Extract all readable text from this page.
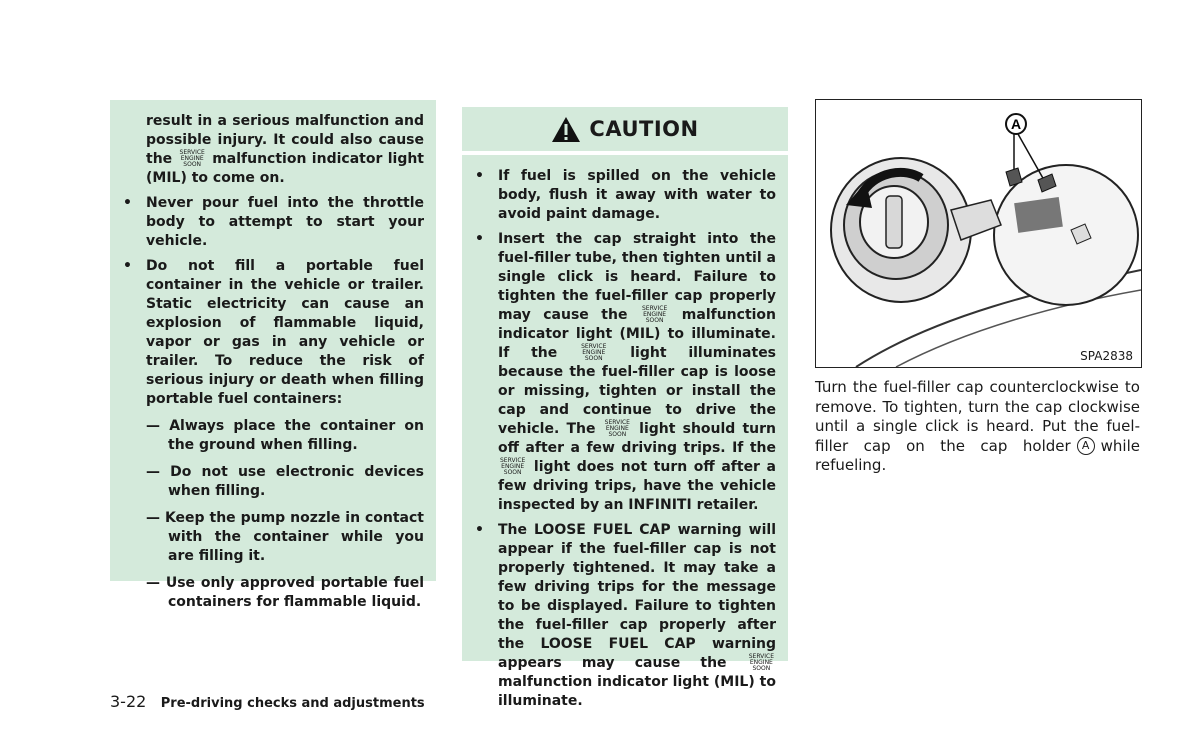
result in a serious malfunction and possible injury. It could also cause the SERVICE
ENGINE
SOON malfunction indicator light (MIL) to come on.

• Never pour fuel into the throttle body to attempt to start your vehicle.

• Do not fill a portable fuel container in the vehicle or trailer. Static electricity can cause an explosion of flammable liquid, vapor or gas in any vehicle or trailer. To reduce the risk of serious injury or death when filling portable fuel containers:

— Always place the container on the ground when filling.

— Do not use electronic devices when filling.

— Keep the pump nozzle in contact with the container while you are filling it.

— Use only approved portable fuel containers for flammable liquid.

CAUTION

• If fuel is spilled on the vehicle body, flush it away with water to avoid paint damage.

• Insert the cap straight into the fuel-filler tube, then tighten until a single click is heard. Failure to tighten the fuel-filler cap properly may cause the SERVICE
ENGINE
SOON malfunction indicator light (MIL) to illuminate. If the	SERVICE
ENGINE
SOON light illuminates because the fuel-filler cap is loose or missing, tighten or install the cap and continue to drive the vehicle. The SERVICE
ENGINE
SOON light should turn off after a few driving trips. If the SERVICE
ENGINE
SOON light does not turn off after a few driving trips, have the vehicle inspected by an INFINITI retailer.

• The LOOSE FUEL CAP warning will appear if the fuel-filler cap is not properly tightened. It may take a few driving trips for the message to be displayed. Failure to tighten the fuel-filler cap properly after the LOOSE FUEL CAP warning appears may cause the	SERVICE
ENGINE
SOON malfunction indicator light (MIL) to illuminate.

A
SPA2838
Turn the fuel-filler cap counterclockwise to remove. To tighten, turn the cap clockwise until a single click is heard. Put the fuel-filler cap on the cap holder A while refueling.
3-22 Pre-driving checks and adjustments
